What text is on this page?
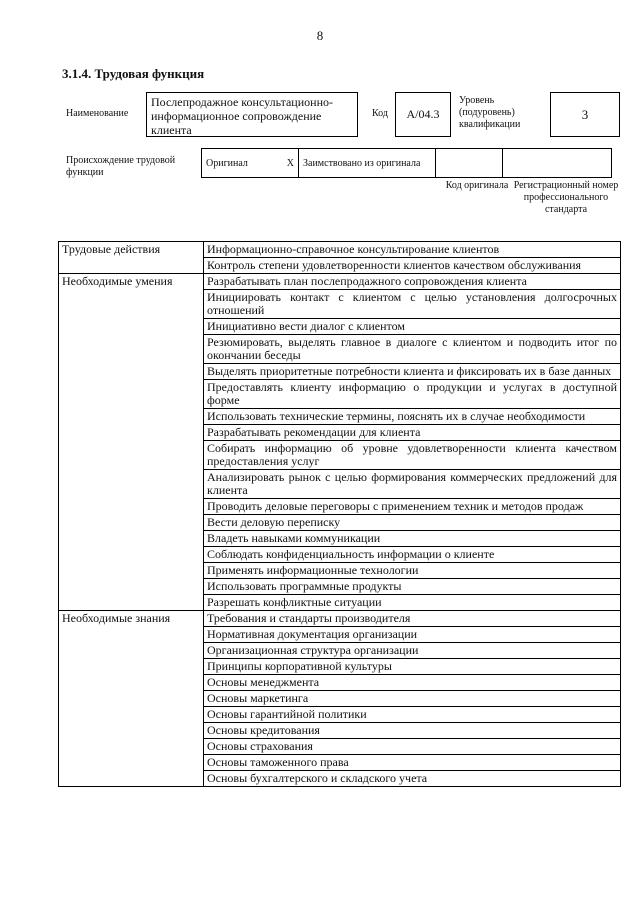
8
3.1.4. Трудовая функция
Наименование
Послепродажное консультационно-информационное сопровождение клиента
Код	А/04.3
Уровень (подуровень) квалификации
3
Происхождение трудовой функции
Оригинал	X	Заимствовано из оригинала		
Код оригинала Регистрационный номер профессионального стандарта
Трудовые действия	Информационно-справочное консультирование клиентов
	Контроль степени удовлетворенности клиентов качеством обслуживания
Необходимые умения	Разрабатывать план послепродажного сопровождения клиента
	Инициировать контакт с клиентом с целью установления долгосрочных отношений
	Инициативно вести диалог с клиентом
	Резюмировать, выделять главное в диалоге с клиентом и подводить итог по окончании беседы
	Выделять приоритетные потребности клиента и фиксировать их в базе данных
	Предоставлять клиенту информацию о продукции и услугах в доступной форме
	Использовать технические термины, пояснять их в случае необходимости
	Разрабатывать рекомендации для клиента
	Собирать информацию об уровне удовлетворенности клиента качеством предоставления услуг
	Анализировать рынок с целью формирования коммерческих предложений для клиента
	Проводить деловые переговоры с применением техник и методов продаж
	Вести деловую переписку
	Владеть навыками коммуникации
	Соблюдать конфиденциальность информации о клиенте
	Применять информационные технологии
	Использовать программные продукты
	Разрешать конфликтные ситуации
Необходимые знания	Требования и стандарты производителя
	Нормативная документация организации
	Организационная структура организации
	Принципы корпоративной культуры
	Основы менеджмента
	Основы маркетинга
	Основы гарантийной политики
	Основы кредитования
	Основы страхования
	Основы таможенного права
	Основы бухгалтерского и складского учета
